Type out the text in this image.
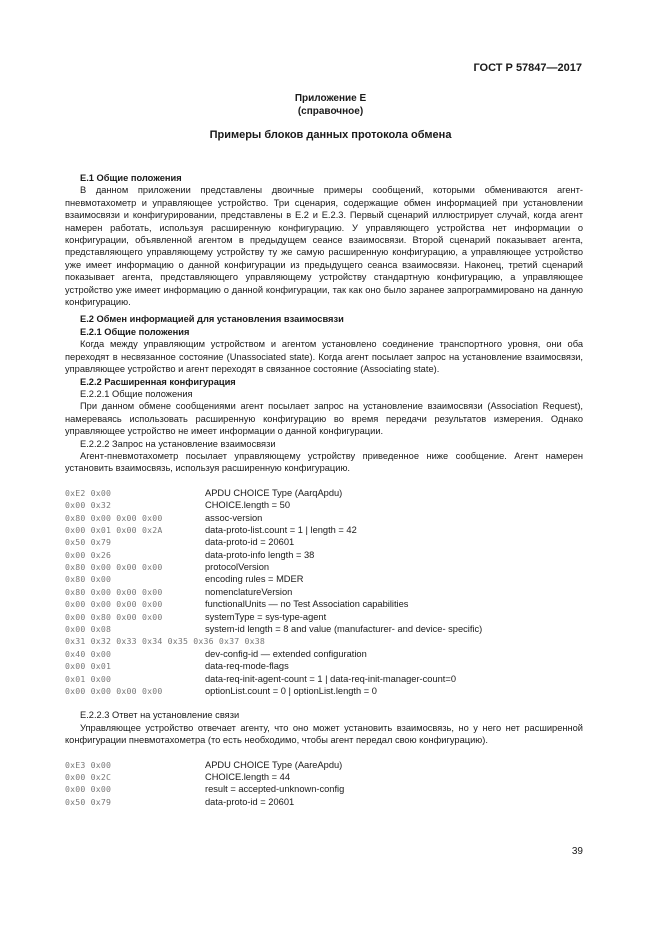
ГОСТ Р 57847—2017
Приложение Е
(справочное)
Примеры блоков данных протокола обмена
Е.1 Общие положения

В данном приложении представлены двоичные примеры сообщений, которыми обмениваются агент-пневмотахометр и управляющее устройство. Три сценария, содержащие обмен информацией при установлении взаимосвязи и конфигурировании, представлены в Е.2 и Е.2.3. Первый сценарий иллюстрирует случай, когда агент намерен работать, используя расширенную конфигурацию. У управляющего устройства нет информации о конфигурации, объявленной агентом в предыдущем сеансе взаимосвязи. Второй сценарий показывает агента, представляющего управляющему устройству ту же самую расширенную конфигурацию, а управляющее устройство уже имеет информацию о данной конфигурации из предыдущего сеанса взаимосвязи. Наконец, третий сценарий показывает агента, представляющего управляющему устройству стандартную конфигурацию, а управляющее устройство уже имеет информацию о данной конфигурации, так как оно было заранее запрограммировано на данную конфигурацию.

Е.2 Обмен информацией для установления взаимосвязи
Е.2.1 Общие положения

Когда между управляющим устройством и агентом установлено соединение транспортного уровня, они оба переходят в несвязанное состояние (Unassociated state). Когда агент посылает запрос на установление взаимосвязи, управляющее устройство и агент переходят в связанное состояние (Associating state).

Е.2.2 Расширенная конфигурация
Е.2.2.1 Общие положения

При данном обмене сообщениями агент посылает запрос на установление взаимосвязи (Association Request), намереваясь использовать расширенную конфигурацию во время передачи результатов измерения. Однако управляющее устройство не имеет информации о данной конфигурации.

Е.2.2.2 Запрос на установление взаимосвязи

Агент-пневмотахометр посылает управляющему устройству приведенное ниже сообщение. Агент намерен установить взаимосвязь, используя расширенную конфигурацию.

0xE2 0x00	APDU CHOICE Type (AarqApdu)
0x00 0x32	CHOICE.length = 50
0x80 0x00 0x00 0x00	assoc-version
0x00 0x01 0x00 0x2A	data-proto-list.count = 1 | length = 42
0x50 0x79	data-proto-id = 20601
0x00 0x26	data-proto-info length = 38
0x80 0x00 0x00 0x00	protocolVersion
0x80 0x00	encoding rules = MDER
0x80 0x00 0x00 0x00	nomenclatureVersion
0x00 0x00 0x00 0x00	functionalUnits — no Test Association capabilities
0x00 0x80 0x00 0x00	systemType = sys-type-agent
0x00 0x08	system-id length = 8 and value (manufacturer- and device- specific)
0x31 0x32 0x33 0x34 0x35 0x36 0x37 0x38
0x40 0x00	dev-config-id — extended configuration
0x00 0x01	data-req-mode-flags
0x01 0x00	data-req-init-agent-count = 1 | data-req-init-manager-count=0
0x00 0x00 0x00 0x00	optionList.count = 0 | optionList.length = 0
Е.2.2.3 Ответ на установление связи

Управляющее устройство отвечает агенту, что оно может установить взаимосвязь, но у него нет расширенной конфигурации пневмотахометра (то есть необходимо, чтобы агент передал свою конфигурацию).

0xE3 0x00	APDU CHOICE Type (AareApdu)
0x00 0x2C	CHOICE.length = 44
0x00 0x00	result = accepted-unknown-config
0x50 0x79	data-proto-id = 20601
39
